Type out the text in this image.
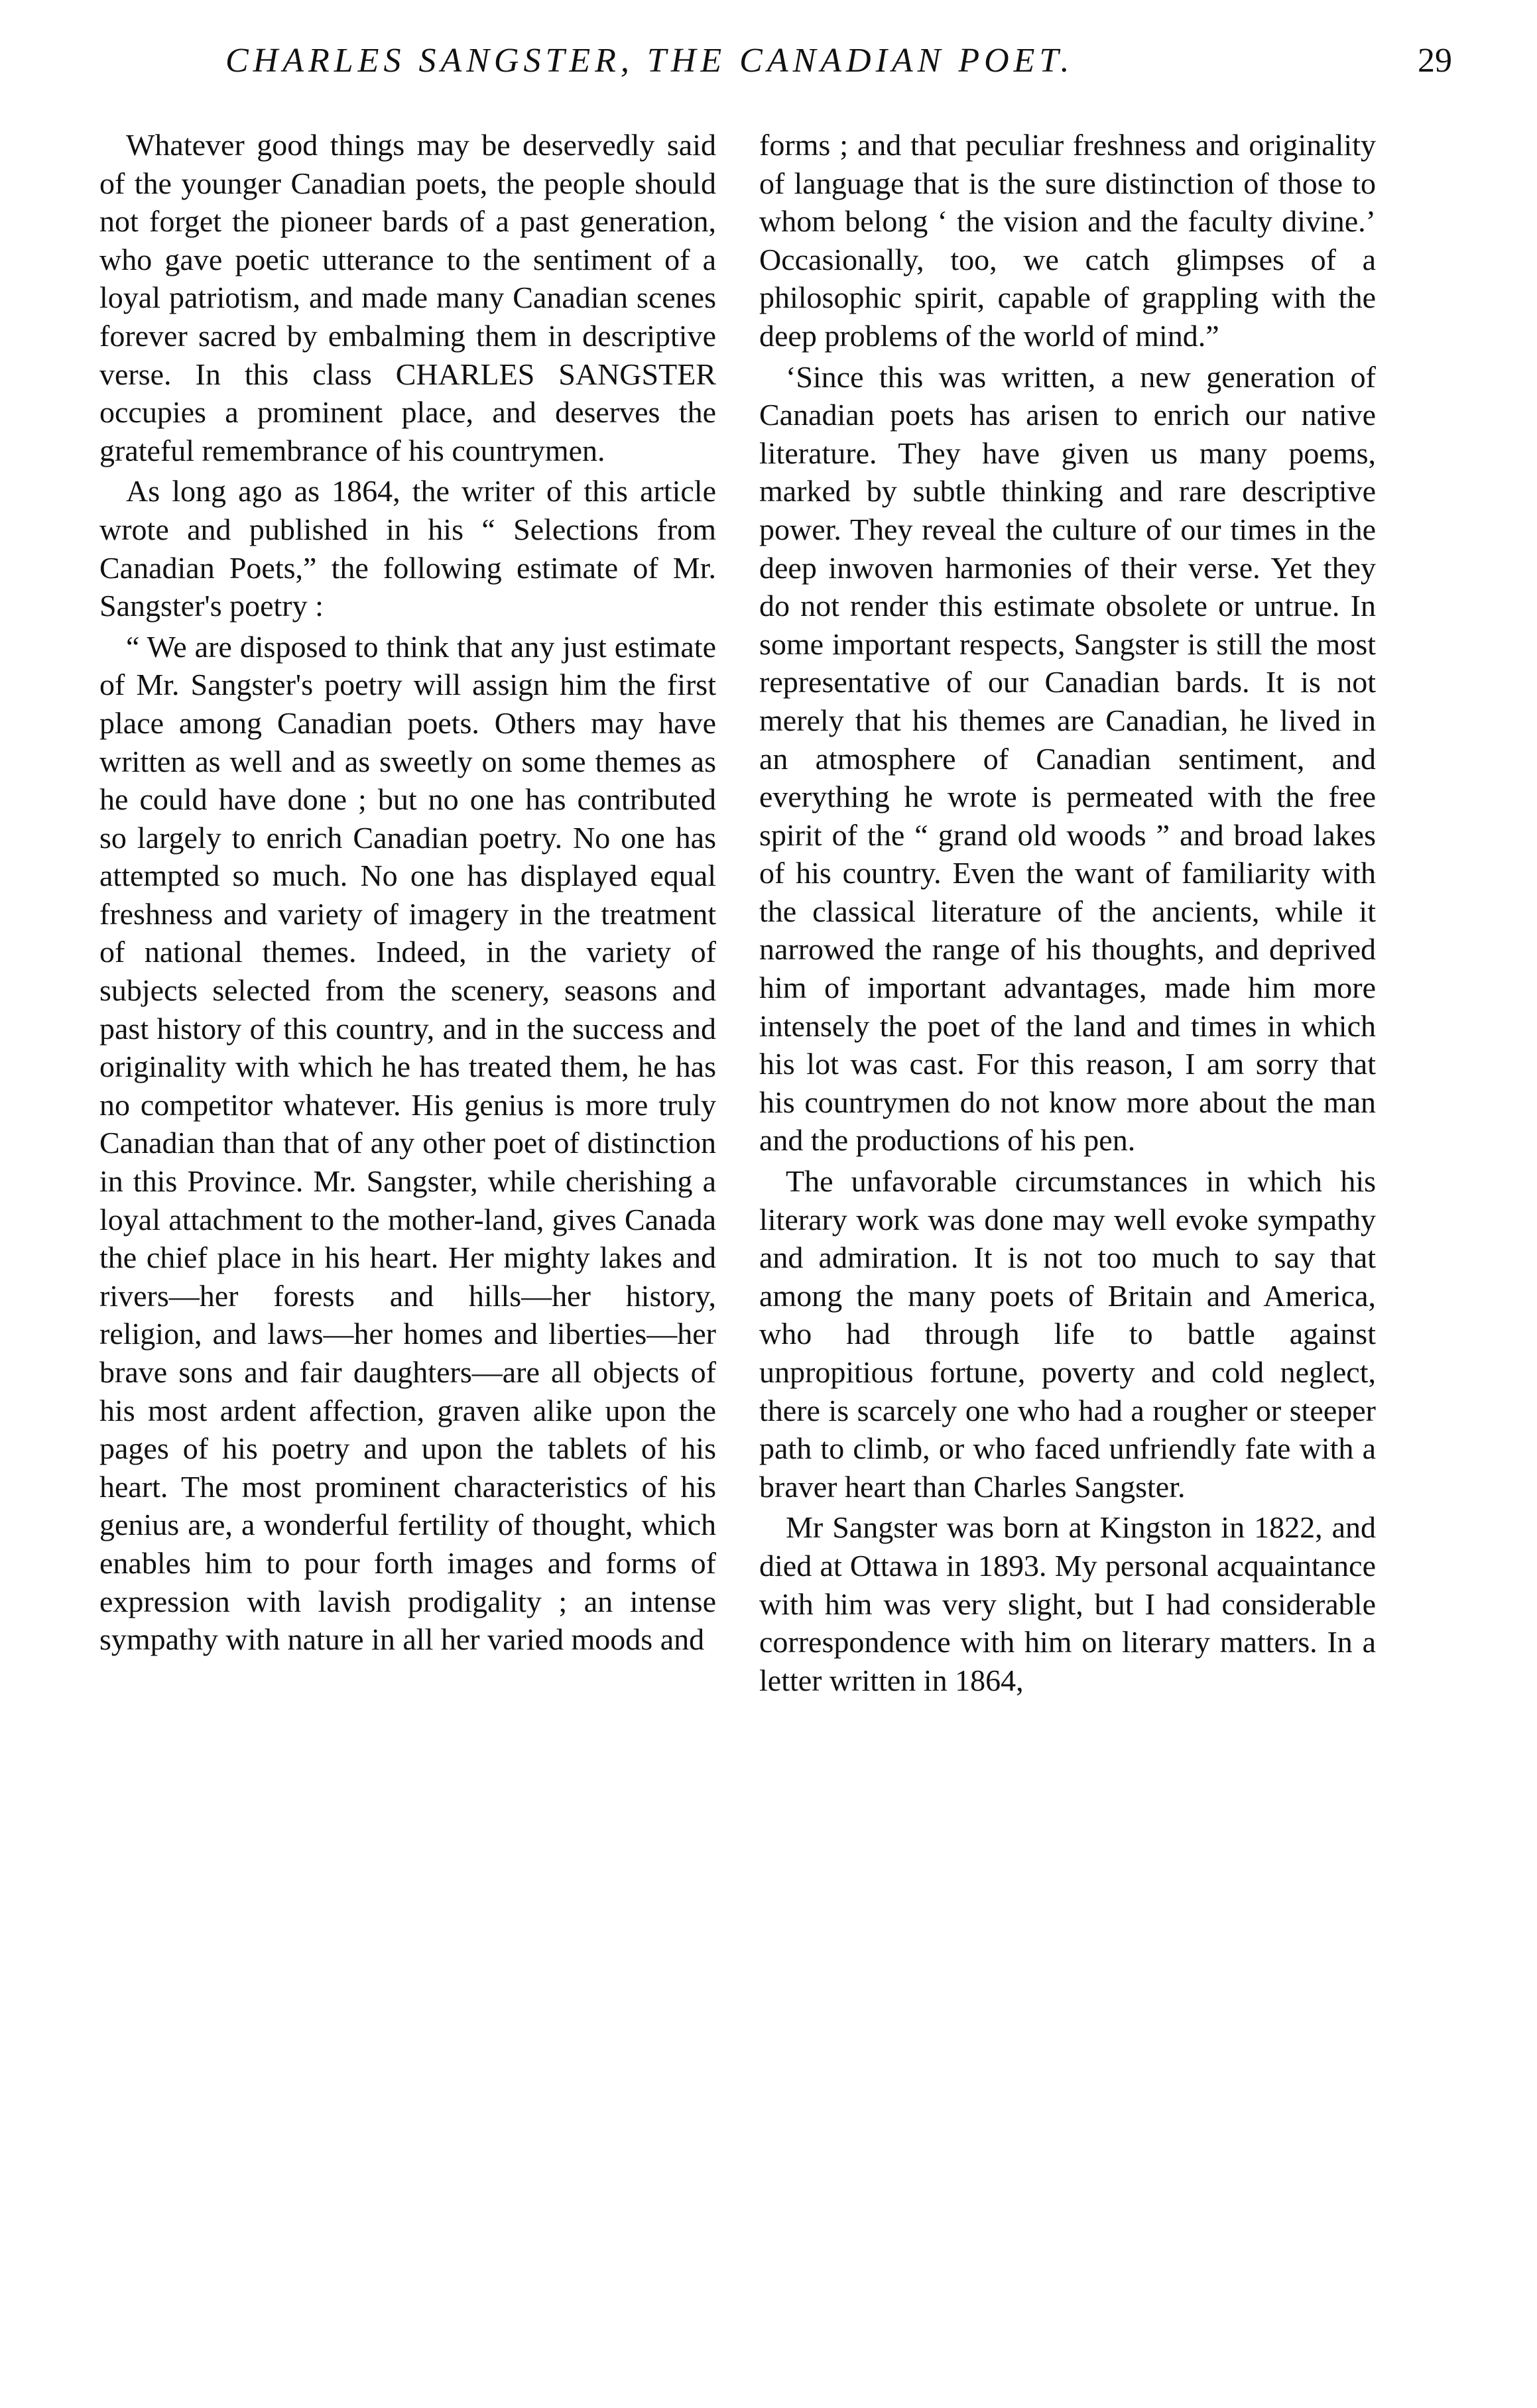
CHARLES SANGSTER, THE CANADIAN POET.	29

Whatever good things may be deservedly said of the younger Canadian poets, the people should not forget the pioneer bards of a past generation, who gave poetic utterance to the sentiment of a loyal patriotism, and made many Canadian scenes forever sacred by embalming them in descriptive verse. In this class CHARLES SANGSTER occupies a prominent place, and deserves the grateful remembrance of his countrymen.

As long ago as 1864, the writer of this article wrote and published in his “ Selections from Canadian Poets,” the following estimate of Mr. Sangster's poetry :

“ We are disposed to think that any just estimate of Mr. Sangster's poetry will assign him the first place among Canadian poets. Others may have written as well and as sweetly on some themes as he could have done ; but no one has contributed so largely to enrich Canadian poetry. No one has attempted so much. No one has displayed equal freshness and variety of imagery in the treatment of national themes. Indeed, in the variety of subjects selected from the scenery, seasons and past history of this country, and in the success and originality with which he has treated them, he has no competitor whatever. His genius is more truly Canadian than that of any other poet of distinction in this Province. Mr. Sangster, while cherishing a loyal attachment to the mother-land, gives Canada the chief place in his heart. Her mighty lakes and rivers—her forests and hills—her history, religion, and laws—her homes and liberties—her brave sons and fair daughters—are all objects of his most ardent affection, graven alike upon the pages of his poetry and upon the tablets of his heart. The most prominent characteristics of his genius are, a wonderful fertility of thought, which enables him to pour forth images and forms of expression with lavish prodigality ; an intense sympathy with nature in all her varied moods and

forms ; and that peculiar freshness and originality of language that is the sure distinction of those to whom belong ‘ the vision and the faculty divine.’ Occasionally, too, we catch glimpses of a philosophic spirit, capable of grappling with the deep problems of the world of mind.”

‘Since this was written, a new generation of Canadian poets has arisen to enrich our native literature. They have given us many poems, marked by subtle thinking and rare descriptive power. They reveal the culture of our times in the deep inwoven harmonies of their verse. Yet they do not render this estimate obsolete or untrue. In some important respects, Sangster is still the most representative of our Canadian bards. It is not merely that his themes are Canadian, he lived in an atmosphere of Canadian sentiment, and everything he wrote is permeated with the free spirit of the “ grand old woods ” and broad lakes of his country. Even the want of familiarity with the classical literature of the ancients, while it narrowed the range of his thoughts, and deprived him of important advantages, made him more intensely the poet of the land and times in which his lot was cast. For this reason, I am sorry that his countrymen do not know more about the man and the productions of his pen.

The unfavorable circumstances in which his literary work was done may well evoke sympathy and admiration. It is not too much to say that among the many poets of Britain and America, who had through life to battle against unpropitious fortune, poverty and cold neglect, there is scarcely one who had a rougher or steeper path to climb, or who faced unfriendly fate with a braver heart than Charles Sangster.

Mr Sangster was born at Kingston in 1822, and died at Ottawa in 1893. My personal acquaintance with him was very slight, but I had considerable correspondence with him on literary matters. In a letter written in 1864,
